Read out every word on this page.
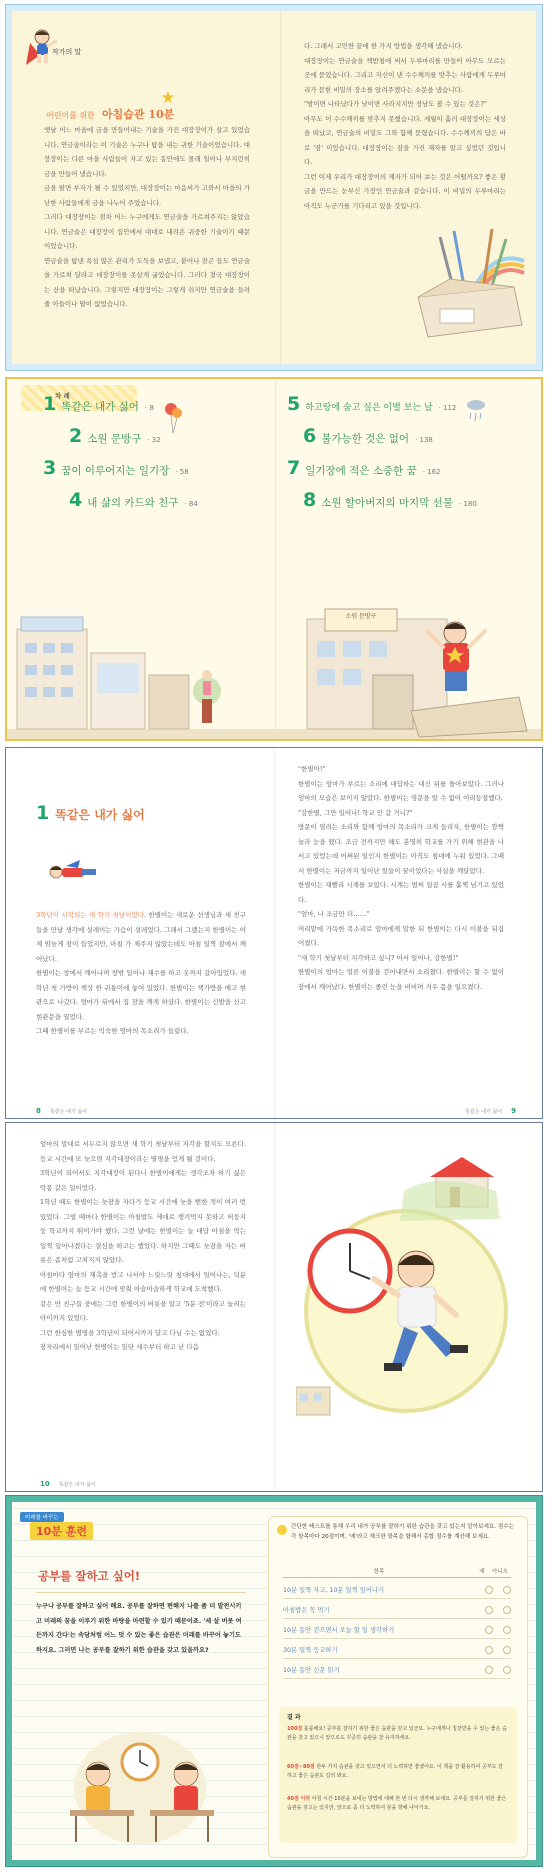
작가의 말
어린이를 위한 아침습관 10분

옛날 어느 마을에 금을 만들어내는 기술을 가진 대장장이가 살고 있었습니다. 연금술이라는 이 기술은 누구나 탐을 내는 귀한 기술이었습니다. 대장장이는 다른 마을 사람들이 자고 있는 동안에도 몰래 일어나 부지런히 금을 만들어 냈습니다.

금을 팔면 부자가 될 수 있었지만, 대장장이는 마음씨가 고와서 마을의 가난한 사람들에게 금을 나누어 주었습니다.

그러다 대장장이는 점차 어느 누구에게도 연금술을 가르쳐주지는 않았습니다. 연금술은 대장장이 집안에서 대대로 내려온 귀중한 기술이기 때문이었습니다.

연금술을 탐낸 욕심 많은 관리가 도둑을 보냈고, 붙어나 잠곤 들도 연금술을 가르쳐 달라고 대장장이를 못살게 굴었습니다. 그러다 결국 대장장이는 산을 떠났습니다. 그렇지만 대장장이는 그렇게 쉬지만 연금술을 들려줄 아들이나 딸이 없었습니다.

다. 그래서 고민한 끝에 한 가지 방법을 생각해 냈습니다.

대장장이는 연금술을 책받침에 써서 두루마리를 만들어 아무도 모르는 곳에 묻었습니다. 그리고 자신이 낸 수수께끼를 맞추는 사람에게 두루마리가 묻힌 비밀의 장소를 알려주겠다는 소문을 냈습니다.

"밤이면 나타났다가 낮이면 사라지지만 정남도 볼 수 있는 것은?"

아무도 이 수수께끼를 맞추지 못했습니다. 세월이 흘러 대장장이는 세상을 떠났고, 연금술의 비밀도 그와 함께 묻혔습니다. 수수께끼의 답은 바로 '잠' 이었습니다. 대장장이는 잠을 가진 재자를 알고 싶었던 것입니다.

그런 이제 우리가 대장장이의 제자가 되어 보는 것은 어떨까요? 좋은 황금을 만드는 눈부신 가장인 연금술과 같습니다. 이 비밀의 두루마리는 아직도 누군가를 기다리고 있을 것입니다.

차 례
1 똑같은 내가 싫어 · 8
2 소원 문방구 · 32
3 꿈이 이루어지는 일기장 · 58
4 내 삶의 카드와 친구 · 84
5 하고랑에 숨고 싶은 이별 보는 날 · 112
6 불가능한 것은 없어 · 138
7 일기장에 적은 소중한 꿈 · 162
8 소원 할아버지의 마지막 선물 · 180
소원 문방구
1 똑같은 내가 싫어

3학년이 시작되는 새 학기 첫날이었다. 한별이는 새로운 선생님과 새 친구들을 만날 생각에 설레이는 가슴이 설레었다. 그래서 그랬는지 한별이는 어제 밤늦게 잠이 들었지만, 아침 가 제주지 않았는데도 아침 일찍 잠에서 깨어났다.

한별이는 창에서 깨어나며 창밖 일어나 재수를 하고 옷까지 갈아입었다. 새 학년 첫 가방이 책상 한 귀퉁이에 놓여 있었다. 한별이는 책가방을 메고 현관으로 나갔다. 엄마가 뒤에서 집 잠을 깨게 하셨다. 한별이는 신발을 신고 현관문을 열었다.

그때 한별이를 부르는 익숙한 엄마의 목소리가 들렸다.

"한별아!"

한별이는 엄마가 부르는 소리에 대답하는 대신 뒤를 돌아보았다. 그러나 엄마의 모습은 보이지 않았다. 한별이는 영문을 알 수 없어 어리둥절했다.

"강한별, 그만 일어나! 학교 안 갈 거니?"

방문이 열리는 소리와 함께 엄마의 목소리가 크게 들리자, 한별이는 깜짝 놀라 눈을 떴다. 조금 전까지만 해도 분명히 학교를 가기 위해 현관을 나서고 있었는데 어쩌된 일인지 한별이는 아직도 침대에 누워 있었다. 그때서 한별이는 지금까지 일어난 일들이 꿈이었다는 사실을 깨달았다.

한별이는 재빨리 시계를 보았다. 시계는 벌써 일곱 시를 훌쩍 넘기고 있었다.

"엄마, 나 조금만 더……"

머리맡에 가득한 목소리로 엄마에게 말한 뒤 한별이는 다시 이불을 뒤집어썼다.

"새 학기 첫날부터 지각하고 싶니? 어서 일어나, 강한별!"

한별이의 엄마는 얼른 이불을 걷어내면서 소리쳤다. 한별이는 할 수 없이 잠에서 깨어났다. 한별이는 졸린 눈을 비비며 겨우 몸을 일으켰다.

8 똑같은 내가 싫어	똑같은 내가 싫어 9

엄마의 말대로 서두르지 않으면 새 학기 첫날부터 지각을 할지도 모른다. 등교 시간에 또 늦으면 지각대장이라는 별명을 얻게 될 것이다.

3학년이 되어서도 지각대장이 된다니 한별이에게는 생각조차 하기 싫은 악몽 같은 일이었다.

1학년 때도 한별이는 늦잠을 자다가 등교 시간에 늦을 뻔한 적이 여러 번 있었다. 그럴 때마다 한별이는 아침밥도 제대로 챙겨먹지 못하고 허둥지둥 학교까지 뛰어가야 했다. 그런 날에는 한별이는 늘 대답 아침을 먹는 일찍 일어나겠다는 결심을 하고는 했었다. 하지만 그때도 늦잠을 자는 버릇은 좀처럼 고쳐지지 않았다.

아침마다 엄마의 재촉을 받고 나서야 느릿느릿 침대에서 일어나는, 덕분에 한별이는 늘 등교 시간에 맞춰 아슬아슬하게 학교에 도착했다.

같은 반 친구들 중에는 그런 한별이의 버릇을 알고 '5분 전'이라고 놀리는 아이까지 있었다.

그런 한심한 별명을 3학년이 되어서까지 달고 다닐 수는 없었다.

잠자리에서 일어난 한별이는 일단 세수부터 하고 난 다음

10 똑같은 내가 싫어
미래를 바꾸는
10분 훈련
공부를 잘하고 싶어!
누구나 공부를 잘하고 싶어 해요. 공부를 잘하면 편해지 나를 좀 더 발전시키고 미래의 꿈을 이루기 위한 바탕을 마련할 수 있기 때문이죠. '세 살 버릇 여든까지 간다'는 속담처럼 어느 덧 수 있는 좋은 습관은 미래를 바꾸어 놓기도 하지요. 그러면 나는 공부를 잘하기 위한 습관을 갖고 있을까요?
간단한 테스트를 통해 우리 내가 공부를 잘하기 위한 습관을 갖고 있는지 알아보세요. 점수는 각 항목마다 20점이며, '예'라고 체크한 항목을 합해서 총합 점수를 계산해 보세요.
항목	예	아니오
10분 일찍 자고, 10분 일찍 일어나기
아침밥은 꼭 먹기
10분 동안 걷으면서 오늘 할 일 생각하기
30분 일찍 등교하기
10분 동안 신문 읽기
결 과
100점 훌륭해요! 공부를 잘하기 위한 좋은 습관을 갖고 있군요. 누구에게나 칭찬받을 수 있는 좋은 습관을 갖고 있으니 앞으로도 꾸준히 습관을 잘 유지하세요.
60점~80점 한두 가지 습관을 갖고 있으면서 더 노력하면 좋겠어요. 이 책을 잘 활용하여 공부도 잘하고 좋은 습관도 길러 봐요.
40점 이하 아침 시간 10분을 보내는 방법에 대해 한 번 다시 생각해 보세요. 공부를 잘하기 위한 좋은 습관을 갖고는 있지만, 앞으로 좀 더 노력하여 꿈을 향해 나아가요.
